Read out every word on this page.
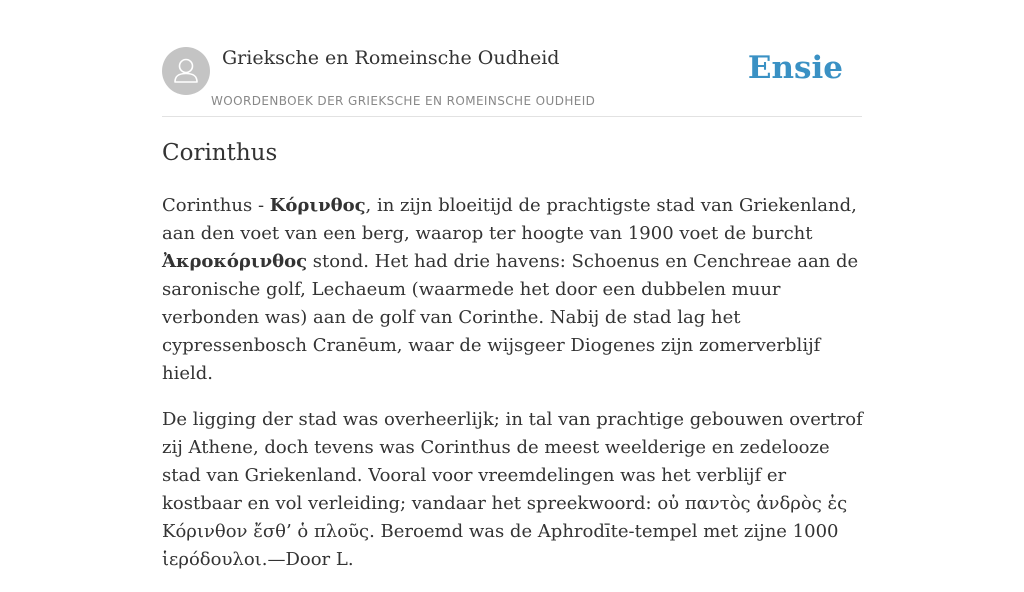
Grieksche en Romeinsche Oudheid
WOORDENBOEK DER GRIEKSCHE EN ROMEINSCHE OUDHEID
Ensie
Corinthus

Corinthus - Κόρινθος, in zijn bloeitijd de prachtigste stad van Griekenland, aan den voet van een berg, waarop ter hoogte van 1900 voet de burcht Ἀκροκόρινθος stond. Het had drie havens: Schoenus en Cenchreae aan de saronische golf, Lechaeum (waarmede het door een dubbelen muur verbonden was) aan de golf van Corinthe. Nabij de stad lag het cypressenbosch Cranēum, waar de wijsgeer Diogenes zijn zomerverblijf hield.

De ligging der stad was overheerlijk; in tal van prachtige gebouwen overtrof zij Athene, doch tevens was Corinthus de meest weelderige en zedelooze stad van Griekenland. Vooral voor vreemdelingen was het verblijf er kostbaar en vol verleiding; vandaar het spreekwoord: οὐ παντὸς ἀνδρὸς ἐς Κόρινθον ἔσθ’ ὁ πλοῦς. Beroemd was de Aphrodīte-tempel met zijne 1000 ἱερόδουλοι.—Door L.
